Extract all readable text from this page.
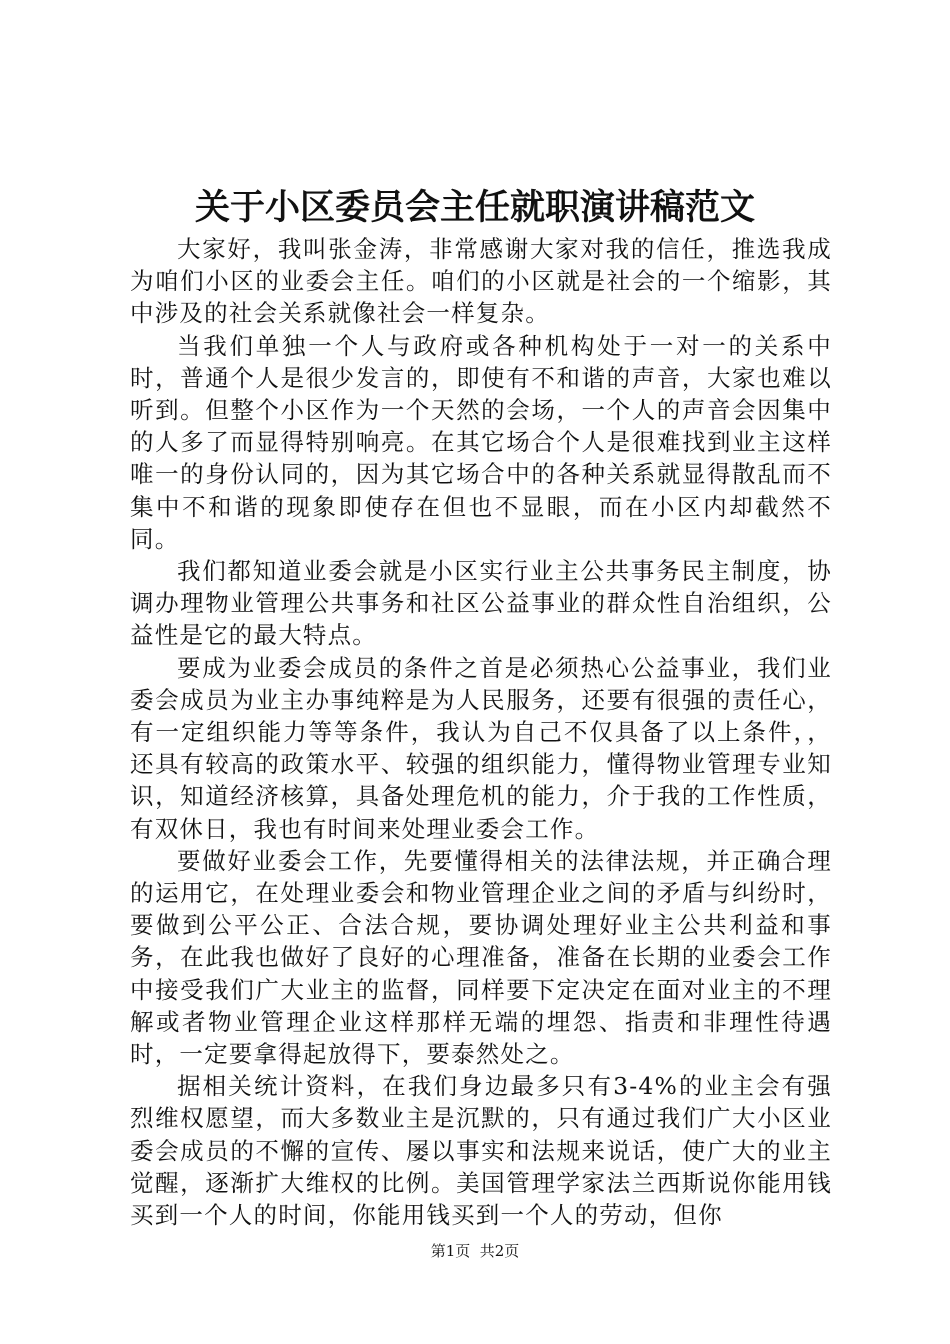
关于小区委员会主任就职演讲稿范文

大家好，我叫张金涛，非常感谢大家对我的信任，推选我成为咱们小区的业委会主任。咱们的小区就是社会的一个缩影，其中涉及的社会关系就像社会一样复杂。

当我们单独一个人与政府或各种机构处于一对一的关系中时，普通个人是很少发言的，即使有不和谐的声音，大家也难以听到。但整个小区作为一个天然的会场，一个人的声音会因集中的人多了而显得特别响亮。在其它场合个人是很难找到业主这样唯一的身份认同的，因为其它场合中的各种关系就显得散乱而不集中不和谐的现象即使存在但也不显眼，而在小区内却截然不同。

我们都知道业委会就是小区实行业主公共事务民主制度，协调办理物业管理公共事务和社区公益事业的群众性自治组织，公益性是它的最大特点。

要成为业委会成员的条件之首是必须热心公益事业，我们业委会成员为业主办事纯粹是为人民服务，还要有很强的责任心，有一定组织能力等等条件，我认为自己不仅具备了以上条件，，还具有较高的政策水平、较强的组织能力，懂得物业管理专业知识，知道经济核算，具备处理危机的能力，介于我的工作性质，有双休日，我也有时间来处理业委会工作。

要做好业委会工作，先要懂得相关的法律法规，并正确合理的运用它，在处理业委会和物业管理企业之间的矛盾与纠纷时，要做到公平公正、合法合规，要协调处理好业主公共利益和事务，在此我也做好了良好的心理准备，准备在长期的业委会工作中接受我们广大业主的监督，同样要下定决定在面对业主的不理解或者物业管理企业这样那样无端的埋怨、指责和非理性待遇时，一定要拿得起放得下，要泰然处之。

据相关统计资料，在我们身边最多只有3-4%的业主会有强烈维权愿望，而大多数业主是沉默的，只有通过我们广大小区业委会成员的不懈的宣传、屡以事实和法规来说话，使广大的业主觉醒，逐渐扩大维权的比例。美国管理学家法兰西斯说你能用钱买到一个人的时间，你能用钱买到一个人的劳动，但你

第1页  共2页
